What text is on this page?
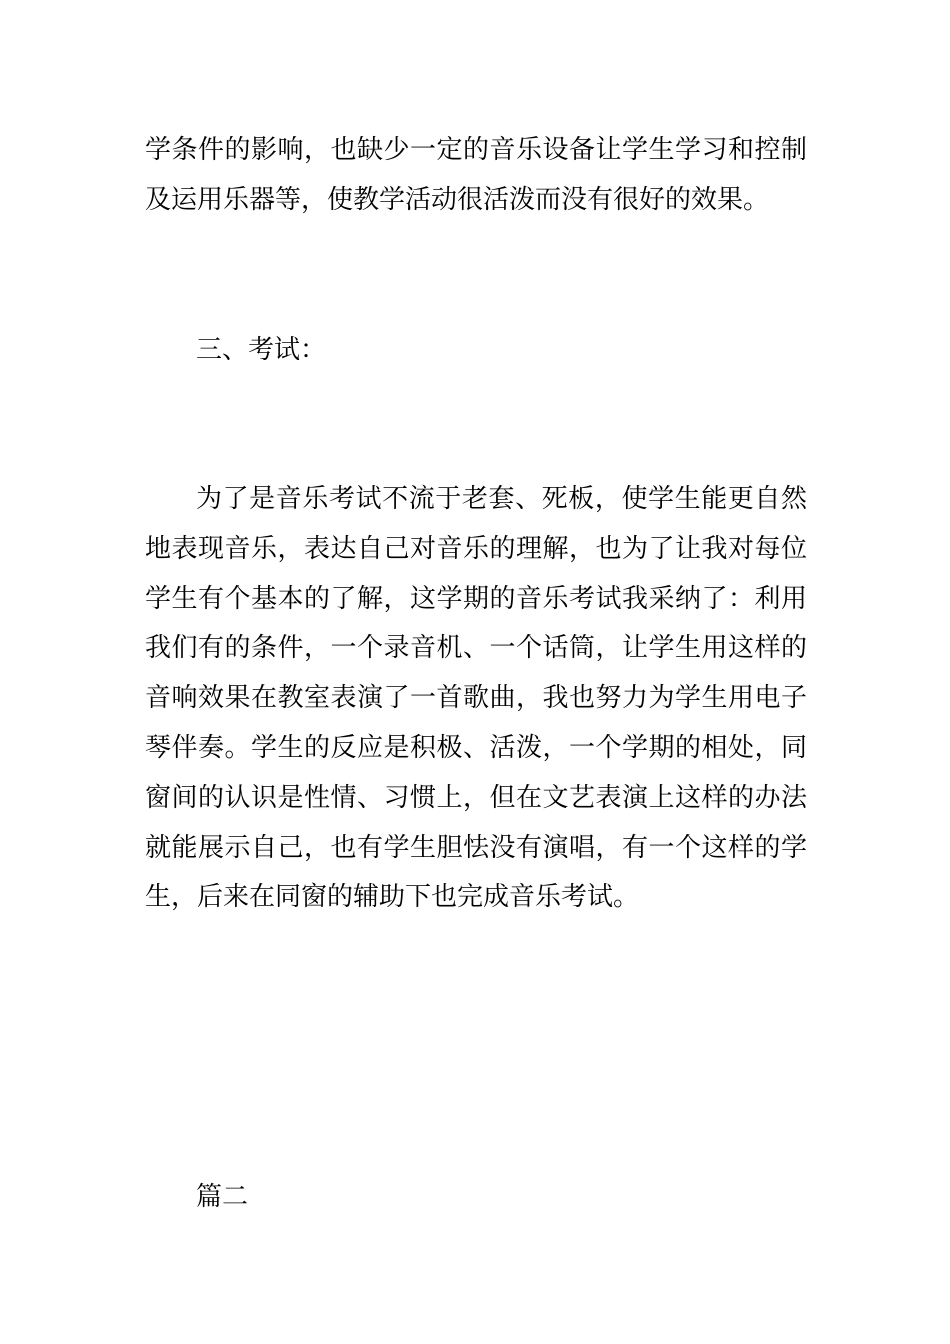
学条件的影响，也缺少一定的音乐设备让学生学习和控制
及运用乐器等，使教学活动很活泼而没有很好的效果。
三、考试：
为了是音乐考试不流于老套、死板，使学生能更自然
地表现音乐，表达自己对音乐的理解，也为了让我对每位
学生有个基本的了解，这学期的音乐考试我采纳了：利用
我们有的条件，一个录音机、一个话筒，让学生用这样的
音响效果在教室表演了一首歌曲，我也努力为学生用电子
琴伴奏。学生的反应是积极、活泼，一个学期的相处，同
窗间的认识是性情、习惯上，但在文艺表演上这样的办法
就能展示自己，也有学生胆怯没有演唱，有一个这样的学
生，后来在同窗的辅助下也完成音乐考试。
篇二
